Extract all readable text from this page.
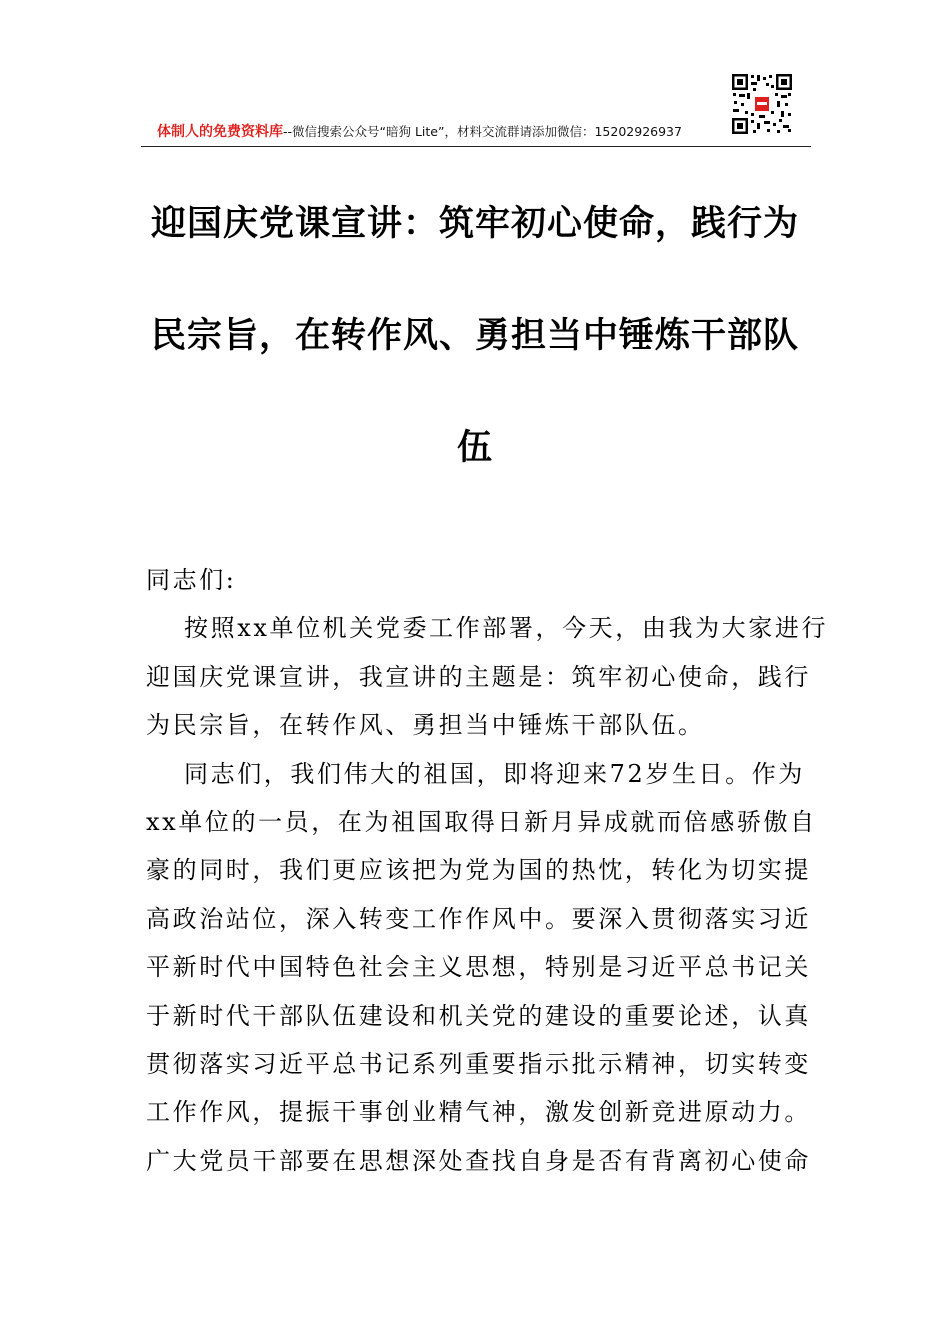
体制人的免费资料库--微信搜索公众号“暗狗 Lite”，材料交流群请添加微信：15202926937
迎国庆党课宣讲：筑牢初心使命，践行为
民宗旨，在转作风、勇担当中锤炼干部队
伍
同志们:
按照xx单位机关党委工作部署，今天，由我为大家进行
迎国庆党课宣讲，我宣讲的主题是：筑牢初心使命，践行
为民宗旨，在转作风、勇担当中锤炼干部队伍。
同志们，我们伟大的祖国，即将迎来72岁生日。作为
xx单位的一员，在为祖国取得日新月异成就而倍感骄傲自
豪的同时，我们更应该把为党为国的热忱，转化为切实提
高政治站位，深入转变工作作风中。要深入贯彻落实习近
平新时代中国特色社会主义思想，特别是习近平总书记关
于新时代干部队伍建设和机关党的建设的重要论述，认真
贯彻落实习近平总书记系列重要指示批示精神，切实转变
工作作风，提振干事创业精气神，激发创新竞进原动力。
广大党员干部要在思想深处查找自身是否有背离初心使命
